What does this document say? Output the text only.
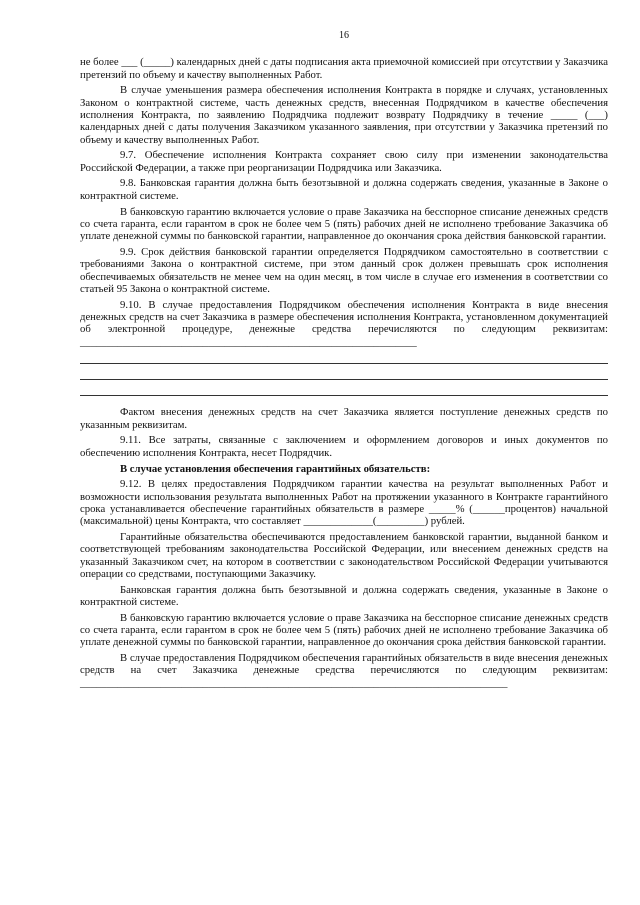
16

не более ___ (_____) календарных дней с даты подписания акта приемочной комиссией при отсутствии у Заказчика претензий по объему и качеству выполненных Работ.

В случае уменьшения размера обеспечения исполнения Контракта в порядке и случаях, установленных Законом о контрактной системе, часть денежных средств, внесенная Подрядчиком в качестве обеспечения исполнения Контракта, по заявлению Подрядчика подлежит возврату Подрядчику в течение _____ (___) календарных дней с даты получения Заказчиком указанного заявления, при отсутствии у Заказчика претензий по объему и качеству выполненных Работ.

9.7. Обеспечение исполнения Контракта сохраняет свою силу при изменении законодательства Российской Федерации, а также при реорганизации Подрядчика или Заказчика.

9.8. Банковская гарантия должна быть безотзывной и должна содержать сведения, указанные в Законе о контрактной системе.

В банковскую гарантию включается условие о праве Заказчика на бесспорное списание денежных средств со счета гаранта, если гарантом в срок не более чем 5 (пять) рабочих дней не исполнено требование Заказчика об уплате денежной суммы по банковской гарантии, направленное до окончания срока действия банковской гарантии.

9.9. Срок действия банковской гарантии определяется Подрядчиком самостоятельно в соответствии с требованиями Закона о контрактной системе, при этом данный срок должен превышать срок исполнения обеспечиваемых обязательств не менее чем на один месяц, в том числе в случае его изменения в соответствии со статьей 95 Закона о контрактной системе.

9.10. В случае предоставления Подрядчиком обеспечения исполнения Контракта в виде внесения денежных средств на счет Заказчика в размере обеспечения исполнения Контракта, установленном документацией об электронной процедуре, денежные средства перечисляются по следующим реквизитам: _______________________________________________________________

Фактом внесения денежных средств на счет Заказчика является поступление денежных средств по указанным реквизитам.

9.11. Все затраты, связанные с заключением и оформлением договоров и иных документов по обеспечению исполнения Контракта, несет Подрядчик.

В случае установления обеспечения гарантийных обязательств:

9.12. В целях предоставления Подрядчиком гарантии качества на результат выполненных Работ и возможности использования результата выполненных Работ на протяжении указанного в Контракте гарантийного срока устанавливается обеспечение гарантийных обязательств в размере _____% (______процентов) начальной (максимальной) цены Контракта, что составляет _____________(_________) рублей.

Гарантийные обязательства обеспечиваются предоставлением банковской гарантии, выданной банком и соответствующей требованиям законодательства Российской Федерации, или внесением денежных средств на указанный Заказчиком счет, на котором в соответствии с законодательством Российской Федерации учитываются операции со средствами, поступающими Заказчику.

Банковская гарантия должна быть безотзывной и должна содержать сведения, указанные в Законе о контрактной системе.

В банковскую гарантию включается условие о праве Заказчика на бесспорное списание денежных средств со счета гаранта, если гарантом в срок не более чем 5 (пять) рабочих дней не исполнено требование Заказчика об уплате денежной суммы по банковской гарантии, направленное до окончания срока действия банковской гарантии.

В случае предоставления Подрядчиком обеспечения гарантийных обязательств в виде внесения денежных средств на счет Заказчика денежные средства перечисляются по следующим реквизитам: ________________________________________________________________________________
